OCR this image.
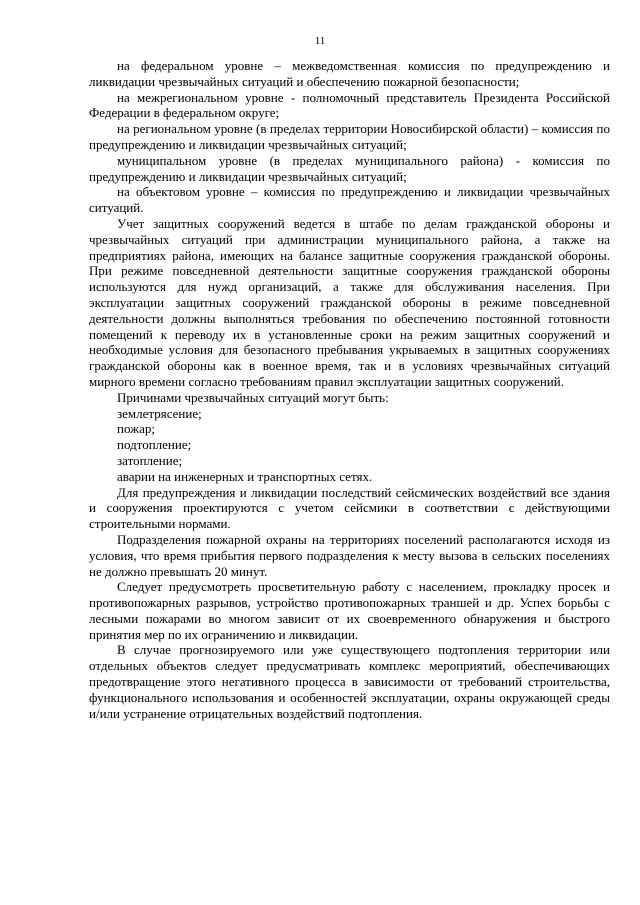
11

на федеральном уровне – межведомственная комиссия по предупреждению и ликвидации чрезвычайных ситуаций и обеспечению пожарной безопасности;

на межрегиональном уровне - полномочный представитель Президента Российской Федерации в федеральном округе;

на региональном уровне (в пределах территории Новосибирской области) – комиссия по предупреждению и ликвидации чрезвычайных ситуаций;

муниципальном уровне (в пределах муниципального района) - комиссия по предупреждению и ликвидации чрезвычайных ситуаций;

на объектовом уровне – комиссия по предупреждению и ликвидации чрезвычайных ситуаций.

Учет защитных сооружений ведется в штабе по делам гражданской обороны и чрезвычайных ситуаций при администрации муниципального района, а также на предприятиях района, имеющих на балансе защитные сооружения гражданской обороны. При режиме повседневной деятельности защитные сооружения гражданской обороны используются для нужд организаций, а также для обслуживания населения. При эксплуатации защитных сооружений гражданской обороны в режиме повседневной деятельности должны выполняться требования по обеспечению постоянной готовности помещений к переводу их в установленные сроки на режим защитных сооружений и необходимые условия для безопасного пребывания укрываемых в защитных сооружениях гражданской обороны как в военное время, так и в условиях чрезвычайных ситуаций мирного времени согласно требованиям правил эксплуатации защитных сооружений.

Причинами чрезвычайных ситуаций могут быть:

землетрясение;

пожар;

подтопление;

затопление;

аварии на инженерных и транспортных сетях.

Для предупреждения и ликвидации последствий сейсмических воздействий все здания и сооружения проектируются с учетом сейсмики в соответствии с действующими строительными нормами.

Подразделения пожарной охраны на территориях поселений располагаются исходя из условия, что время прибытия первого подразделения к месту вызова в сельских поселениях не должно превышать 20 минут.

Следует предусмотреть просветительную работу с населением, прокладку просек и противопожарных разрывов, устройство противопожарных траншей и др. Успех борьбы с лесными пожарами во многом зависит от их своевременного обнаружения и быстрого принятия мер по их ограничению и ликвидации.

В случае прогнозируемого или уже существующего подтопления территории или отдельных объектов следует предусматривать комплекс мероприятий, обеспечивающих предотвращение этого негативного процесса в зависимости от требований строительства, функционального использования и особенностей эксплуатации, охраны окружающей среды и/или устранение отрицательных воздействий подтопления.
